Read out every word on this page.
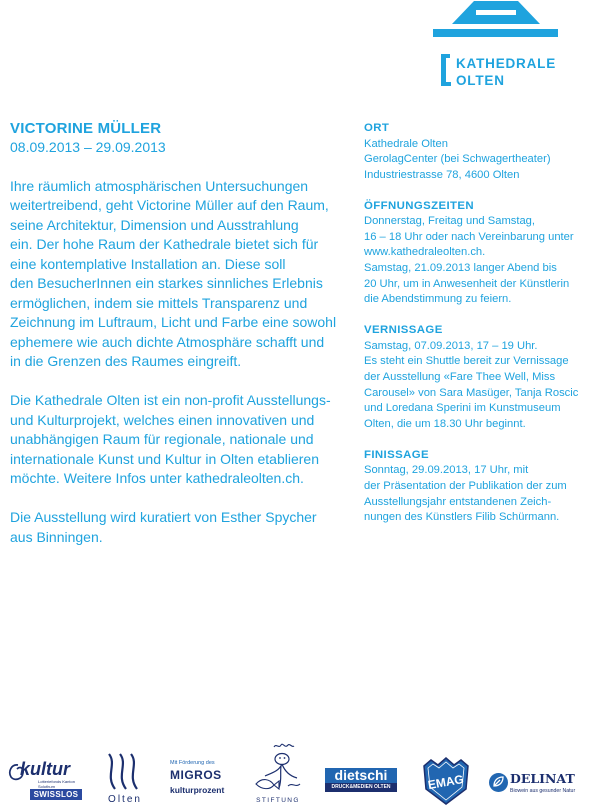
KATHEDRALE
OLTEN
VICTORINE MÜLLER
08.09.2013 – 29.09.2013
Ihre räumlich atmosphärischen Untersuchungen
weitertreibend, geht Victorine Müller auf den Raum,
seine Architektur, Dimension und Ausstrahlung
ein. Der hohe Raum der Kathedrale bietet sich für
eine kontemplative Installation an. Diese soll
den BesucherInnen ein starkes sinnliches Erlebnis
ermöglichen, indem sie mittels Transparenz und
Zeichnung im Luftraum, Licht und Farbe eine sowohl
ephemere wie auch dichte Atmosphäre schafft und
in die Grenzen des Raumes eingreift.
Die Kathedrale Olten ist ein non-profit Ausstellungs-
und Kulturprojekt, welches einen innovativen und
unabhängigen Raum für regionale, nationale und
internationale Kunst und Kultur in Olten etablieren
möchte. Weitere Infos unter kathedraleolten.ch.
Die Ausstellung wird kuratiert von Esther Spycher
aus Binningen.
ORT
Kathedrale Olten
GerolagCenter (bei Schwagertheater)
Industriestrasse 78, 4600 Olten
ÖFFNUNGSZEITEN
Donnerstag, Freitag und Samstag,
16 – 18 Uhr oder nach Vereinbarung unter
www.kathedraleolten.ch.
Samstag, 21.09.2013 langer Abend bis
20 Uhr, um in Anwesenheit der Künstlerin
die Abendstimmung zu feiern.
VERNISSAGE
Samstag, 07.09.2013, 17 – 19 Uhr.
Es steht ein Shuttle bereit zur Vernissage
der Ausstellung «Fare Thee Well, Miss
Carousel» von Sara Masüger, Tanja Roscic
und Loredana Sperini im Kunstmuseum
Olten, die um 18.30 Uhr beginnt.
FINISSAGE
Sonntag, 29.09.2013, 17 Uhr, mit
der Präsentation der Publikation der zum
Ausstellungsjahr entstandenen Zeich-
nungen des Künstlers Filib Schürmann.
kultur
Lotteriefonds Kanton Solothurn
SWISSLOS	Olten
Mit Förderung des
MIGROS
kulturprozent
STIFTUNG
dietschi
DRUCK&MEDIEN OLTEN	EMAG	DELINAT
Biowein aus gesunder Natur
